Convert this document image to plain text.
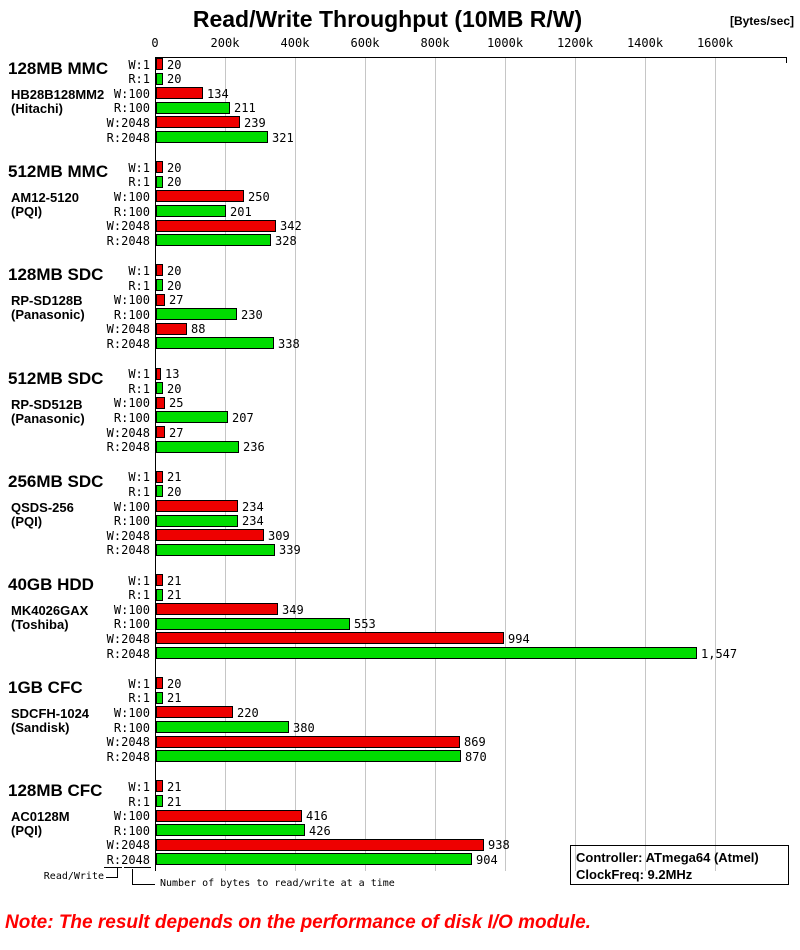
Read/Write Throughput (10MB R/W)	[Bytes/sec]
0	200k	400k	600k	800k	1000k	1200k	1400k	1600k
128MB MMC
HB28B128MM2
(Hitachi)
W:1 20
R:1 20
W:100	134
R:100	211
W:2048	239
R:2048	321
512MB MMC
AM12-5120
(PQI)
W:1 20
R:1 20
W:100	250
R:100	201
W:2048	342
R:2048	328
128MB SDC
RP-SD128B
(Panasonic)
W:1 20
R:1 20
W:100 27
R:100	230
W:2048	88
R:2048	338
512MB SDC
RP-SD512B
(Panasonic)
W:1 13
R:1 20
W:100 25
R:100	207
W:2048 27
R:2048	236
256MB SDC
QSDS-256
(PQI)
W:1 21
R:1 20
W:100	234
R:100	234
W:2048	309
R:2048	339
40GB HDD
MK4026GAX
(Toshiba)
W:1 21
R:1 21
W:100	349
R:100	553
W:2048	994
R:2048	1,547
1GB CFC
SDCFH-1024
(Sandisk)
W:1 20
R:1 21
W:100	220
R:100	380
W:2048	869
R:2048	870
128MB CFC
AC0128M
(PQI)
W:1 21
R:1 21
W:100	416
R:100	426
W:2048	938
R:2048	904
Read/Write
Number of bytes to read/write at a time
Controller: ATmega64 (Atmel)
ClockFreq: 9.2MHz
Note: The result depends on the performance of disk I/O module.
